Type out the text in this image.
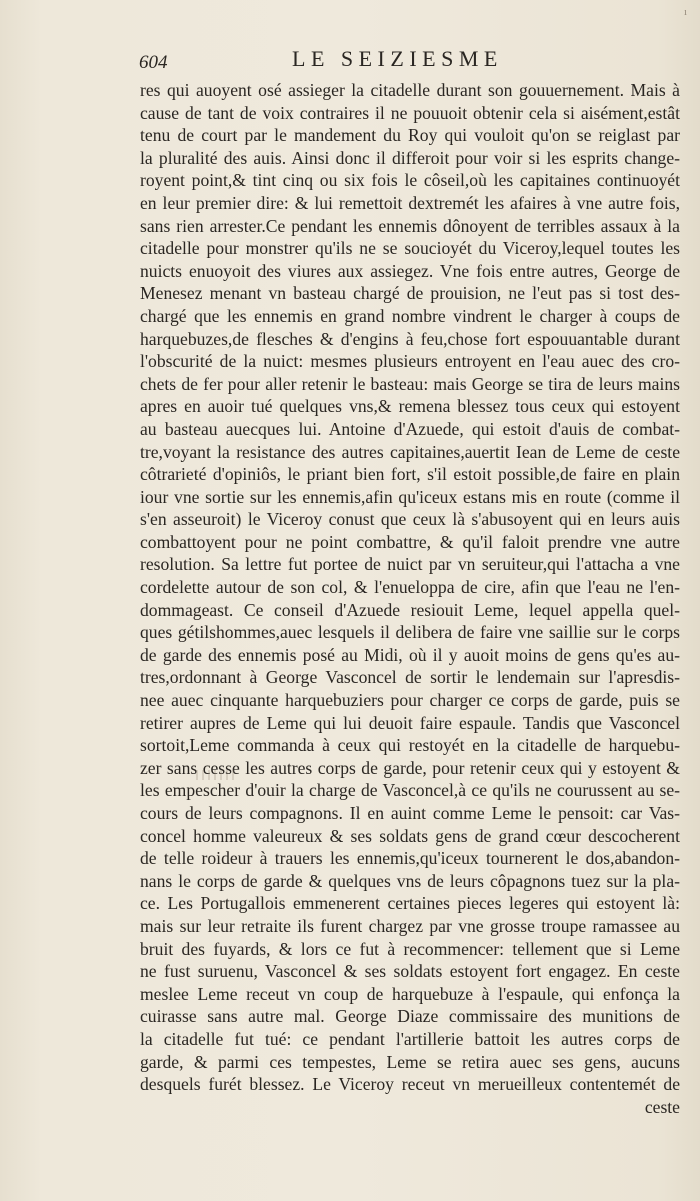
ı
604	LE SEIZIESME
res qui auoyent osé assieger la citadelle durant son gouuernement. Mais à
cause de tant de voix contraires il ne pouuoit obtenir cela si aisément,estât
tenu de court par le mandement du Roy qui vouloit qu'on se reiglast par
la pluralité des auis. Ainsi donc il differoit pour voir si les esprits change-
royent point,& tint cinq ou six fois le côseil,où les capitaines continuoyét
en leur premier dire: & lui remettoit dextremét les afaires à vne autre fois,
sans rien arrester.Ce pendant les ennemis dônoyent de terribles assaux à la
citadelle pour monstrer qu'ils ne se soucioyét du Viceroy,lequel toutes les
nuicts enuoyoit des viures aux assiegez. Vne fois entre autres, George de
Menesez menant vn basteau chargé de prouision, ne l'eut pas si tost des-
chargé que les ennemis en grand nombre vindrent le charger à coups de
harquebuzes,de flesches & d'engins à feu,chose fort espouuantable durant
l'obscurité de la nuict: mesmes plusieurs entroyent en l'eau auec des cro-
chets de fer pour aller retenir le basteau: mais George se tira de leurs mains
apres en auoir tué quelques vns,& remena blessez tous ceux qui estoyent
au basteau auecques lui. Antoine d'Azuede, qui estoit d'auis de combat-
tre,voyant la resistance des autres capitaines,auertit Iean de Leme de ceste
côtrarieté d'opiniôs, le priant bien fort, s'il estoit possible,de faire en plain
iour vne sortie sur les ennemis,afin qu'iceux estans mis en route (comme il
s'en asseuroit) le Viceroy conust que ceux là s'abusoyent qui en leurs auis
combattoyent pour ne point combattre, & qu'il faloit prendre vne autre
resolution. Sa lettre fut portee de nuict par vn seruiteur,qui l'attacha a vne
cordelette autour de son col, & l'enueloppa de cire, afin que l'eau ne l'en-
dommageast. Ce conseil d'Azuede resiouit Leme, lequel appella quel-
ques gétilshommes,auec lesquels il delibera de faire vne saillie sur le corps
de garde des ennemis posé au Midi, où il y auoit moins de gens qu'es au-
tres,ordonnant à George Vasconcel de sortir le lendemain sur l'apresdis-
nee auec cinquante harquebuziers pour charger ce corps de garde, puis se
retirer aupres de Leme qui lui deuoit faire espaule. Tandis que Vasconcel
sortoit,Leme commanda à ceux qui restoyét en la citadelle de harquebu-
zer sans cesse les autres corps de garde, pour retenir ceux qui y estoyent &
les empescher d'ouir la charge de Vasconcel,à ce qu'ils ne courussent au se-
cours de leurs compagnons. Il en auint comme Leme le pensoit: car Vas-
concel homme valeureux & ses soldats gens de grand cœur descocherent
de telle roideur à trauers les ennemis,qu'iceux tournerent le dos,abandon-
nans le corps de garde & quelques vns de leurs côpagnons tuez sur la pla-
ce. Les Portugallois emmenerent certaines pieces legeres qui estoyent là:
mais sur leur retraite ils furent chargez par vne grosse troupe ramassee au
bruit des fuyards, & lors ce fut à recommencer: tellement que si Leme
ne fust suruenu, Vasconcel & ses soldats estoyent fort engagez. En ceste
meslee Leme receut vn coup de harquebuze à l'espaule, qui enfonça la
cuirasse sans autre mal. George Diaze commissaire des munitions de
la citadelle fut tué: ce pendant l'artillerie battoit les autres corps de
garde, & parmi ces tempestes, Leme se retira auec ses gens, aucuns
desquels furét blessez. Le Viceroy receut vn merueilleux contentemét de
ceste
